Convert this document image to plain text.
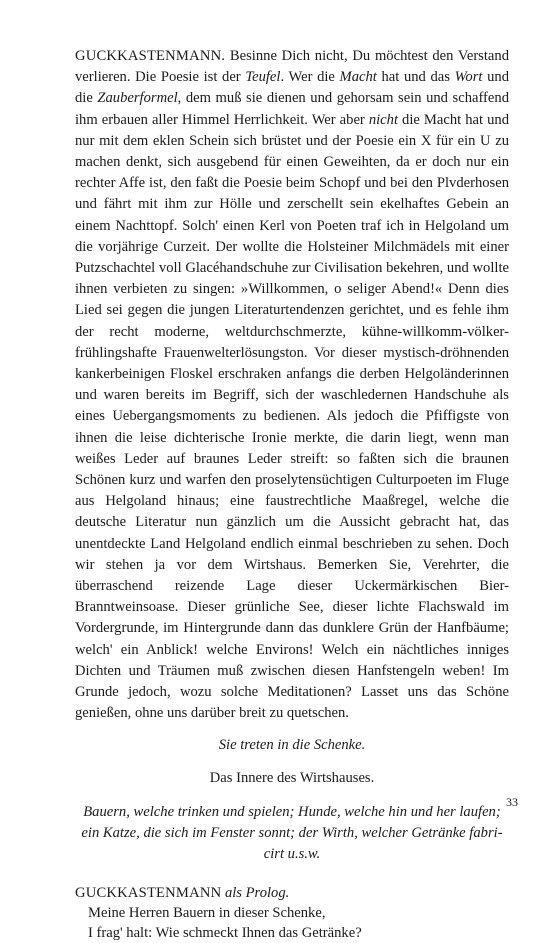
GUCKKASTENMANN. Besinne Dich nicht, Du möchtest den Verstand verlieren. Die Poesie ist der Teufel. Wer die Macht hat und das Wort und die Zauberformel, dem muß sie dienen und gehorsam sein und schaffend ihm erbauen aller Himmel Herrlichkeit. Wer aber nicht die Macht hat und nur mit dem eklen Schein sich brüstet und der Poesie ein X für ein U zu machen denkt, sich ausgebend für einen Geweihten, da er doch nur ein rechter Affe ist, den faßt die Poesie beim Schopf und bei den Plvderhosen und fährt mit ihm zur Hölle und zerschellt sein ekelhaftes Gebein an einem Nachttopf. Solch' einen Kerl von Poeten traf ich in Helgoland um die vorjährige Curzeit. Der wollte die Holsteiner Milchmädels mit einer Putzschachtel voll Glacéhandschuhe zur Civilisation bekehren, und wollte ihnen verbieten zu singen: »Willkommen, o seliger Abend!« Denn dies Lied sei gegen die jungen Literaturtendenzen gerichtet, und es fehle ihm der recht moderne, weltdurchschmerzte, kühne-willkomm-völker-frühlingshafte Frauenwelterlösungston. Vor dieser mystisch-dröhnenden kankerbeinigen Floskel erschraken anfangs die derben Helgoländerinnen und waren bereits im Begriff, sich der waschledernen Handschuhe als eines Uebergangsmoments zu bedienen. Als jedoch die Pfiffigste von ihnen die leise dichterische Ironie merkte, die darin liegt, wenn man weißes Leder auf braunes Leder streift: so faßten sich die braunen Schönen kurz und warfen den proselytensüchtigen Culturpoeten im Fluge aus Helgoland hinaus; eine faustrechtliche Maaßregel, welche die deutsche Literatur nun gänzlich um die Aussicht gebracht hat, das unentdeckte Land Helgoland endlich einmal beschrieben zu sehen. Doch wir stehen ja vor dem Wirtshaus. Bemerken Sie, Verehrter, die überraschend reizende Lage dieser Uckermärkischen Bier-Branntweinsoase. Dieser grünliche See, dieser lichte Flachswald im Vordergrunde, im Hintergrunde dann das dunklere Grün der Hanfbäume; welch' ein Anblick! welche Environs! Welch ein nächtliches inniges Dichten und Träumen muß zwischen diesen Hanfstengeln weben! Im Grunde jedoch, wozu solche Meditationen? Lasset uns das Schöne genießen, ohne uns darüber breit zu quetschen.

Sie treten in die Schenke.

Das Innere des Wirtshauses.

Bauern, welche trinken und spielen; Hunde, welche hin und her laufen; ein Katze, die sich im Fenster sonnt; der Wirth, welcher Getränke fabricirt u.s.w.

GUCKKASTENMANN als Prolog.
Meine Herren Bauern in dieser Schenke,
I frag' halt: Wie schmeckt Ihnen das Getränke?
33
